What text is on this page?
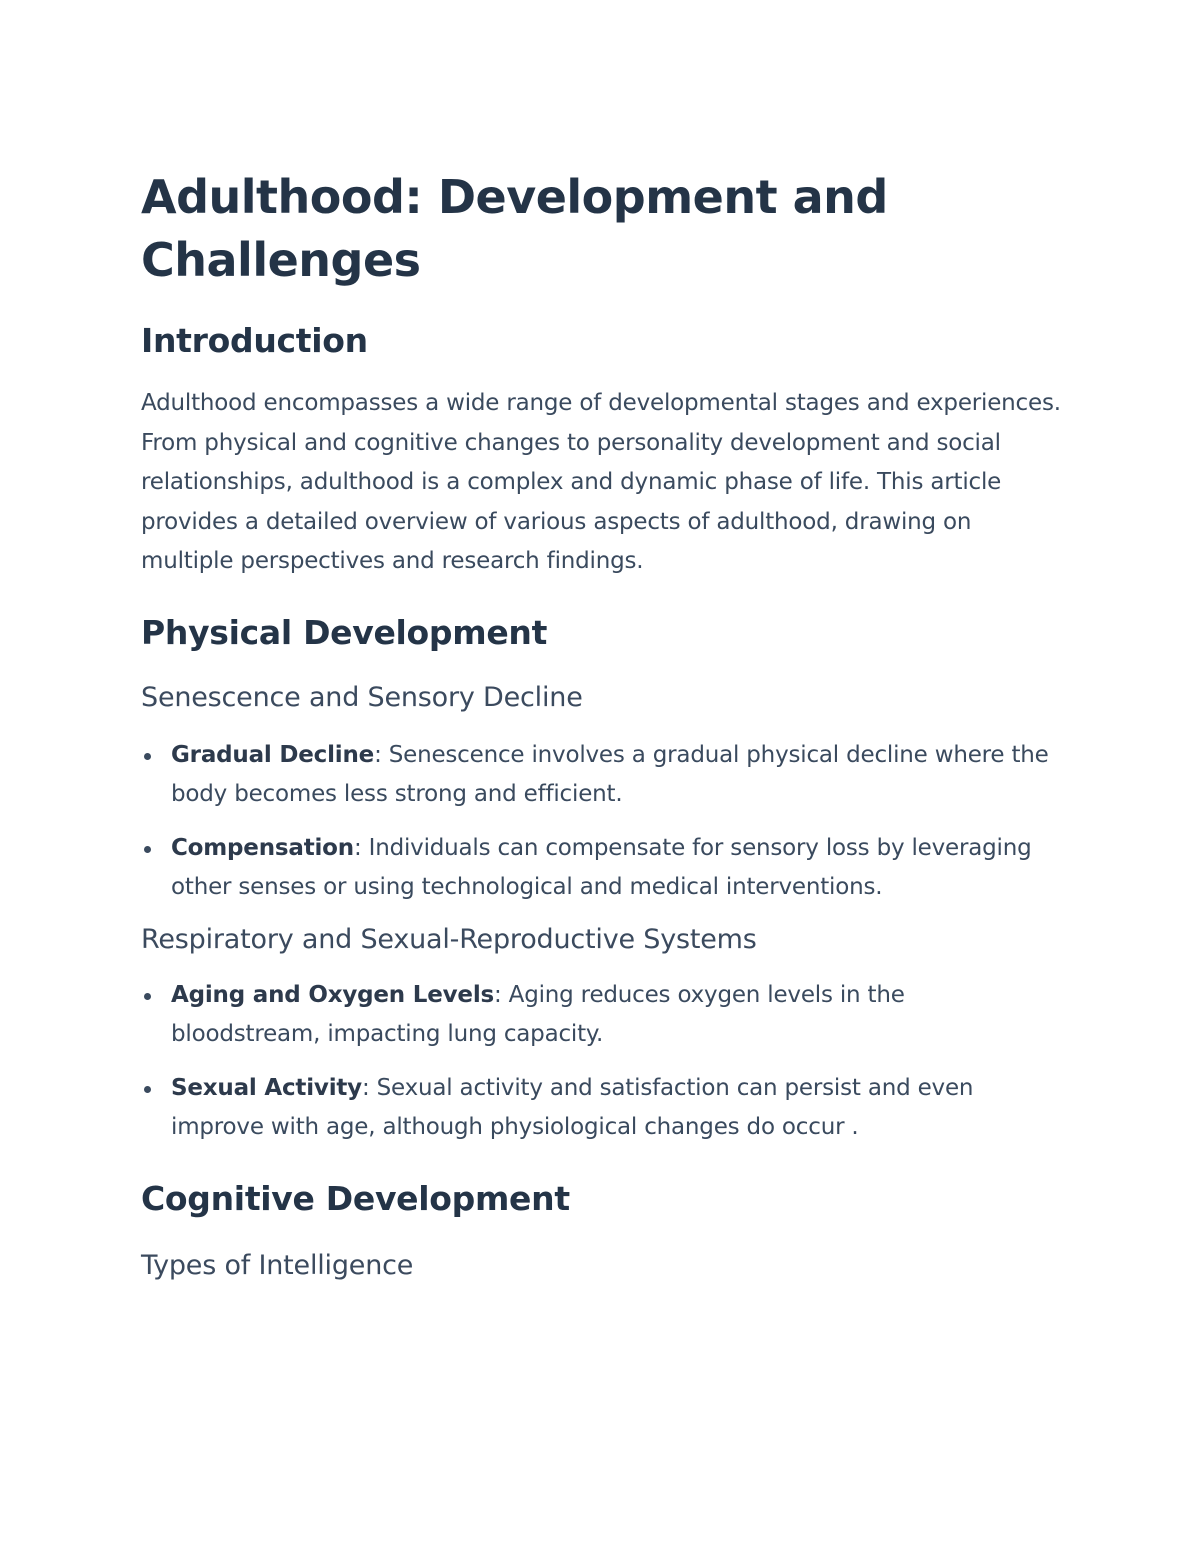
Adulthood: Development and Challenges
Introduction

Adulthood encompasses a wide range of developmental stages and experiences. From physical and cognitive changes to personality development and social relationships, adulthood is a complex and dynamic phase of life. This article provides a detailed overview of various aspects of adulthood, drawing on multiple perspectives and research findings.

Physical Development
Senescence and Sensory Decline
Gradual Decline: Senescence involves a gradual physical decline where the body becomes less strong and efficient.
Compensation: Individuals can compensate for sensory loss by leveraging other senses or using technological and medical interventions.
Respiratory and Sexual-Reproductive Systems
Aging and Oxygen Levels: Aging reduces oxygen levels in the bloodstream, impacting lung capacity.
Sexual Activity: Sexual activity and satisfaction can persist and even improve with age, although physiological changes do occur .
Cognitive Development
Types of Intelligence
